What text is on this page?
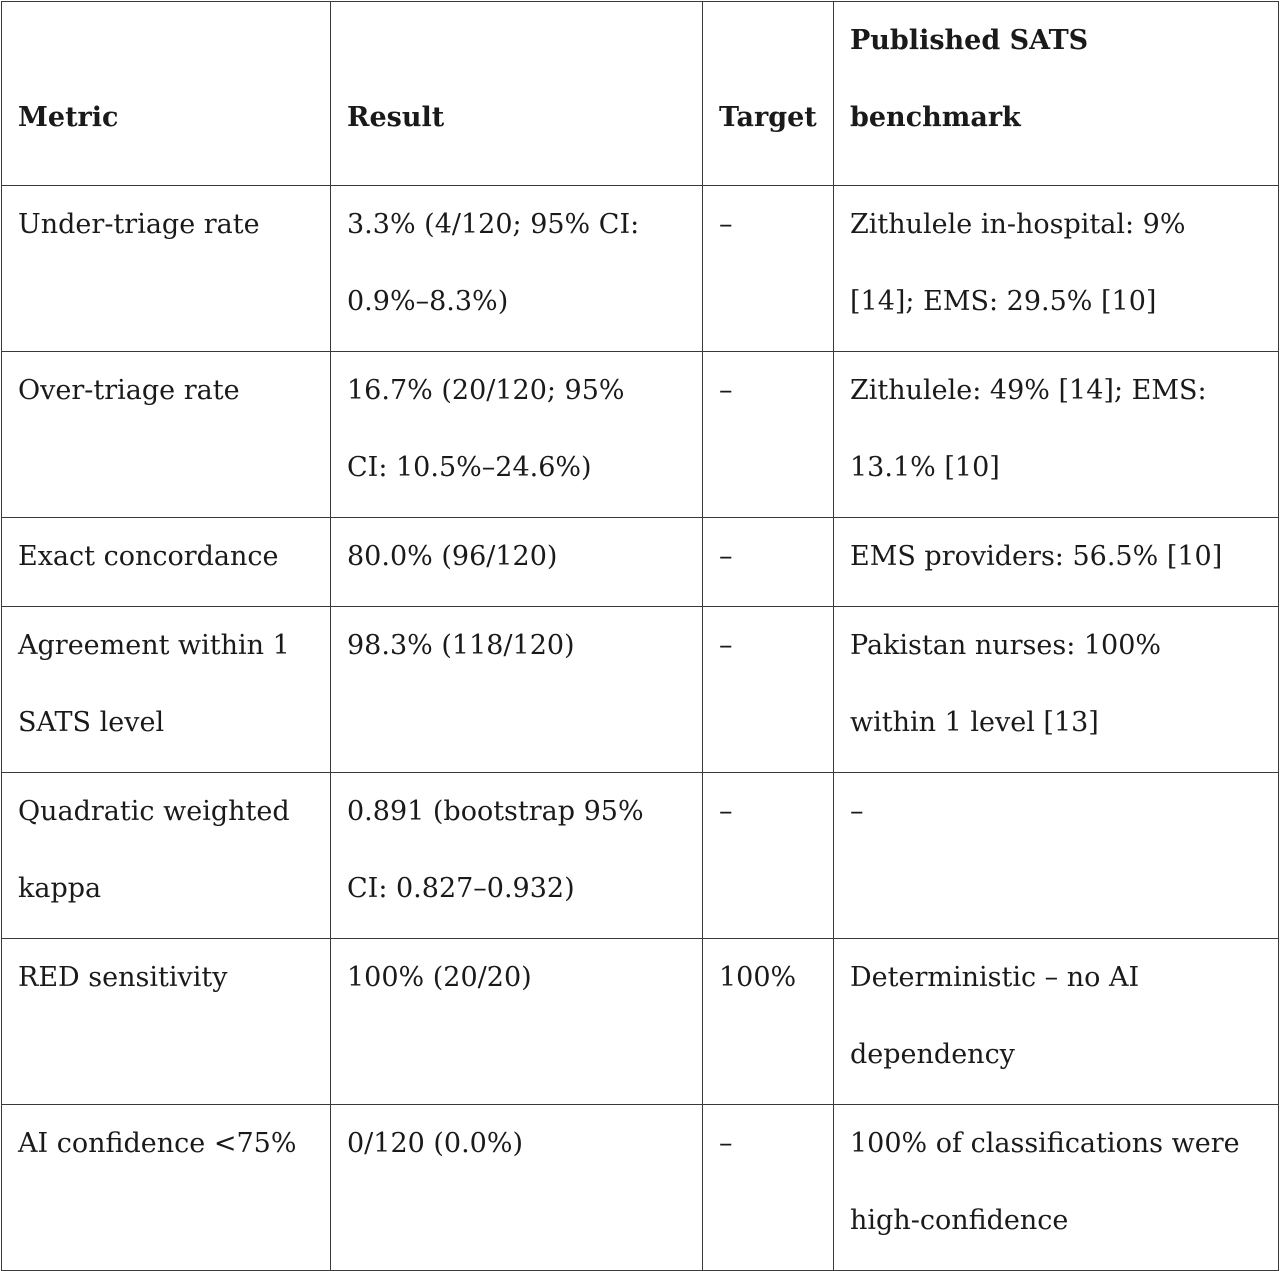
Metric	Result	Target	Published SATS benchmark
Under-triage rate	3.3% (4/120; 95% CI: 0.9%–8.3%)	–	Zithulele in-hospital: 9% [14]; EMS: 29.5% [10]
Over-triage rate	16.7% (20/120; 95% CI: 10.5%–24.6%)	–	Zithulele: 49% [14]; EMS: 13.1% [10]
Exact concordance	80.0% (96/120)	–	EMS providers: 56.5% [10]
Agreement within 1 SATS level	98.3% (118/120)	–	Pakistan nurses: 100% within 1 level [13]
Quadratic weighted kappa	0.891 (bootstrap 95% CI: 0.827–0.932)	–	–
RED sensitivity	100% (20/20)	100%	Deterministic – no AI dependency
AI confidence <75%	0/120 (0.0%)	–	100% of classifications were high-confidence
